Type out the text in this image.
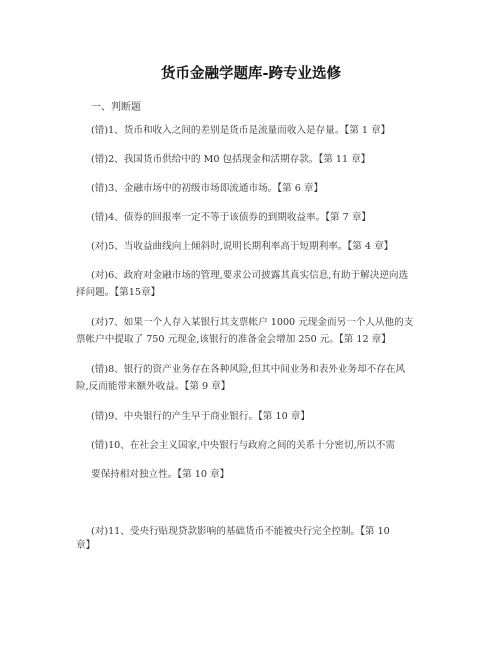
货币金融学题库-跨专业选修
一、判断题

(错)1、货币和收入之间的差别是货币是流量而收入是存量。【第 1 章】

(错)2、我国货币供给中的 M0 包括现金和活期存款。【第 11 章】

(错)3、金融市场中的初级市场即流通市场。【第 6 章】

(错)4、债券的回报率一定不等于该债券的到期收益率。【第 7 章】

(对)5、当收益曲线向上倾斜时,说明长期利率高于短期利率。【第 4 章】

(对)6、政府对金融市场的管理,要求公司披露其真实信息,有助于解决逆向选
择问题。【第15章】

(对)7、如果一个人存入某银行其支票帐户 1000 元现金而另一个人从他的支
票帐户中提取了 750 元现金,该银行的准备金会增加 250 元。【第 12 章】

(错)8、银行的资产业务存在各种风险,但其中间业务和表外业务却不存在风
险,反而能带来额外收益。【第 9 章】

(错)9、中央银行的产生早于商业银行。【第 10 章】

(错)10、在社会主义国家,中央银行与政府之间的关系十分密切,所以不需
要保持相对独立性。【第 10 章】

(对)11、受央行贴现贷款影响的基础货币不能被央行完全控制。【第 10
章】
